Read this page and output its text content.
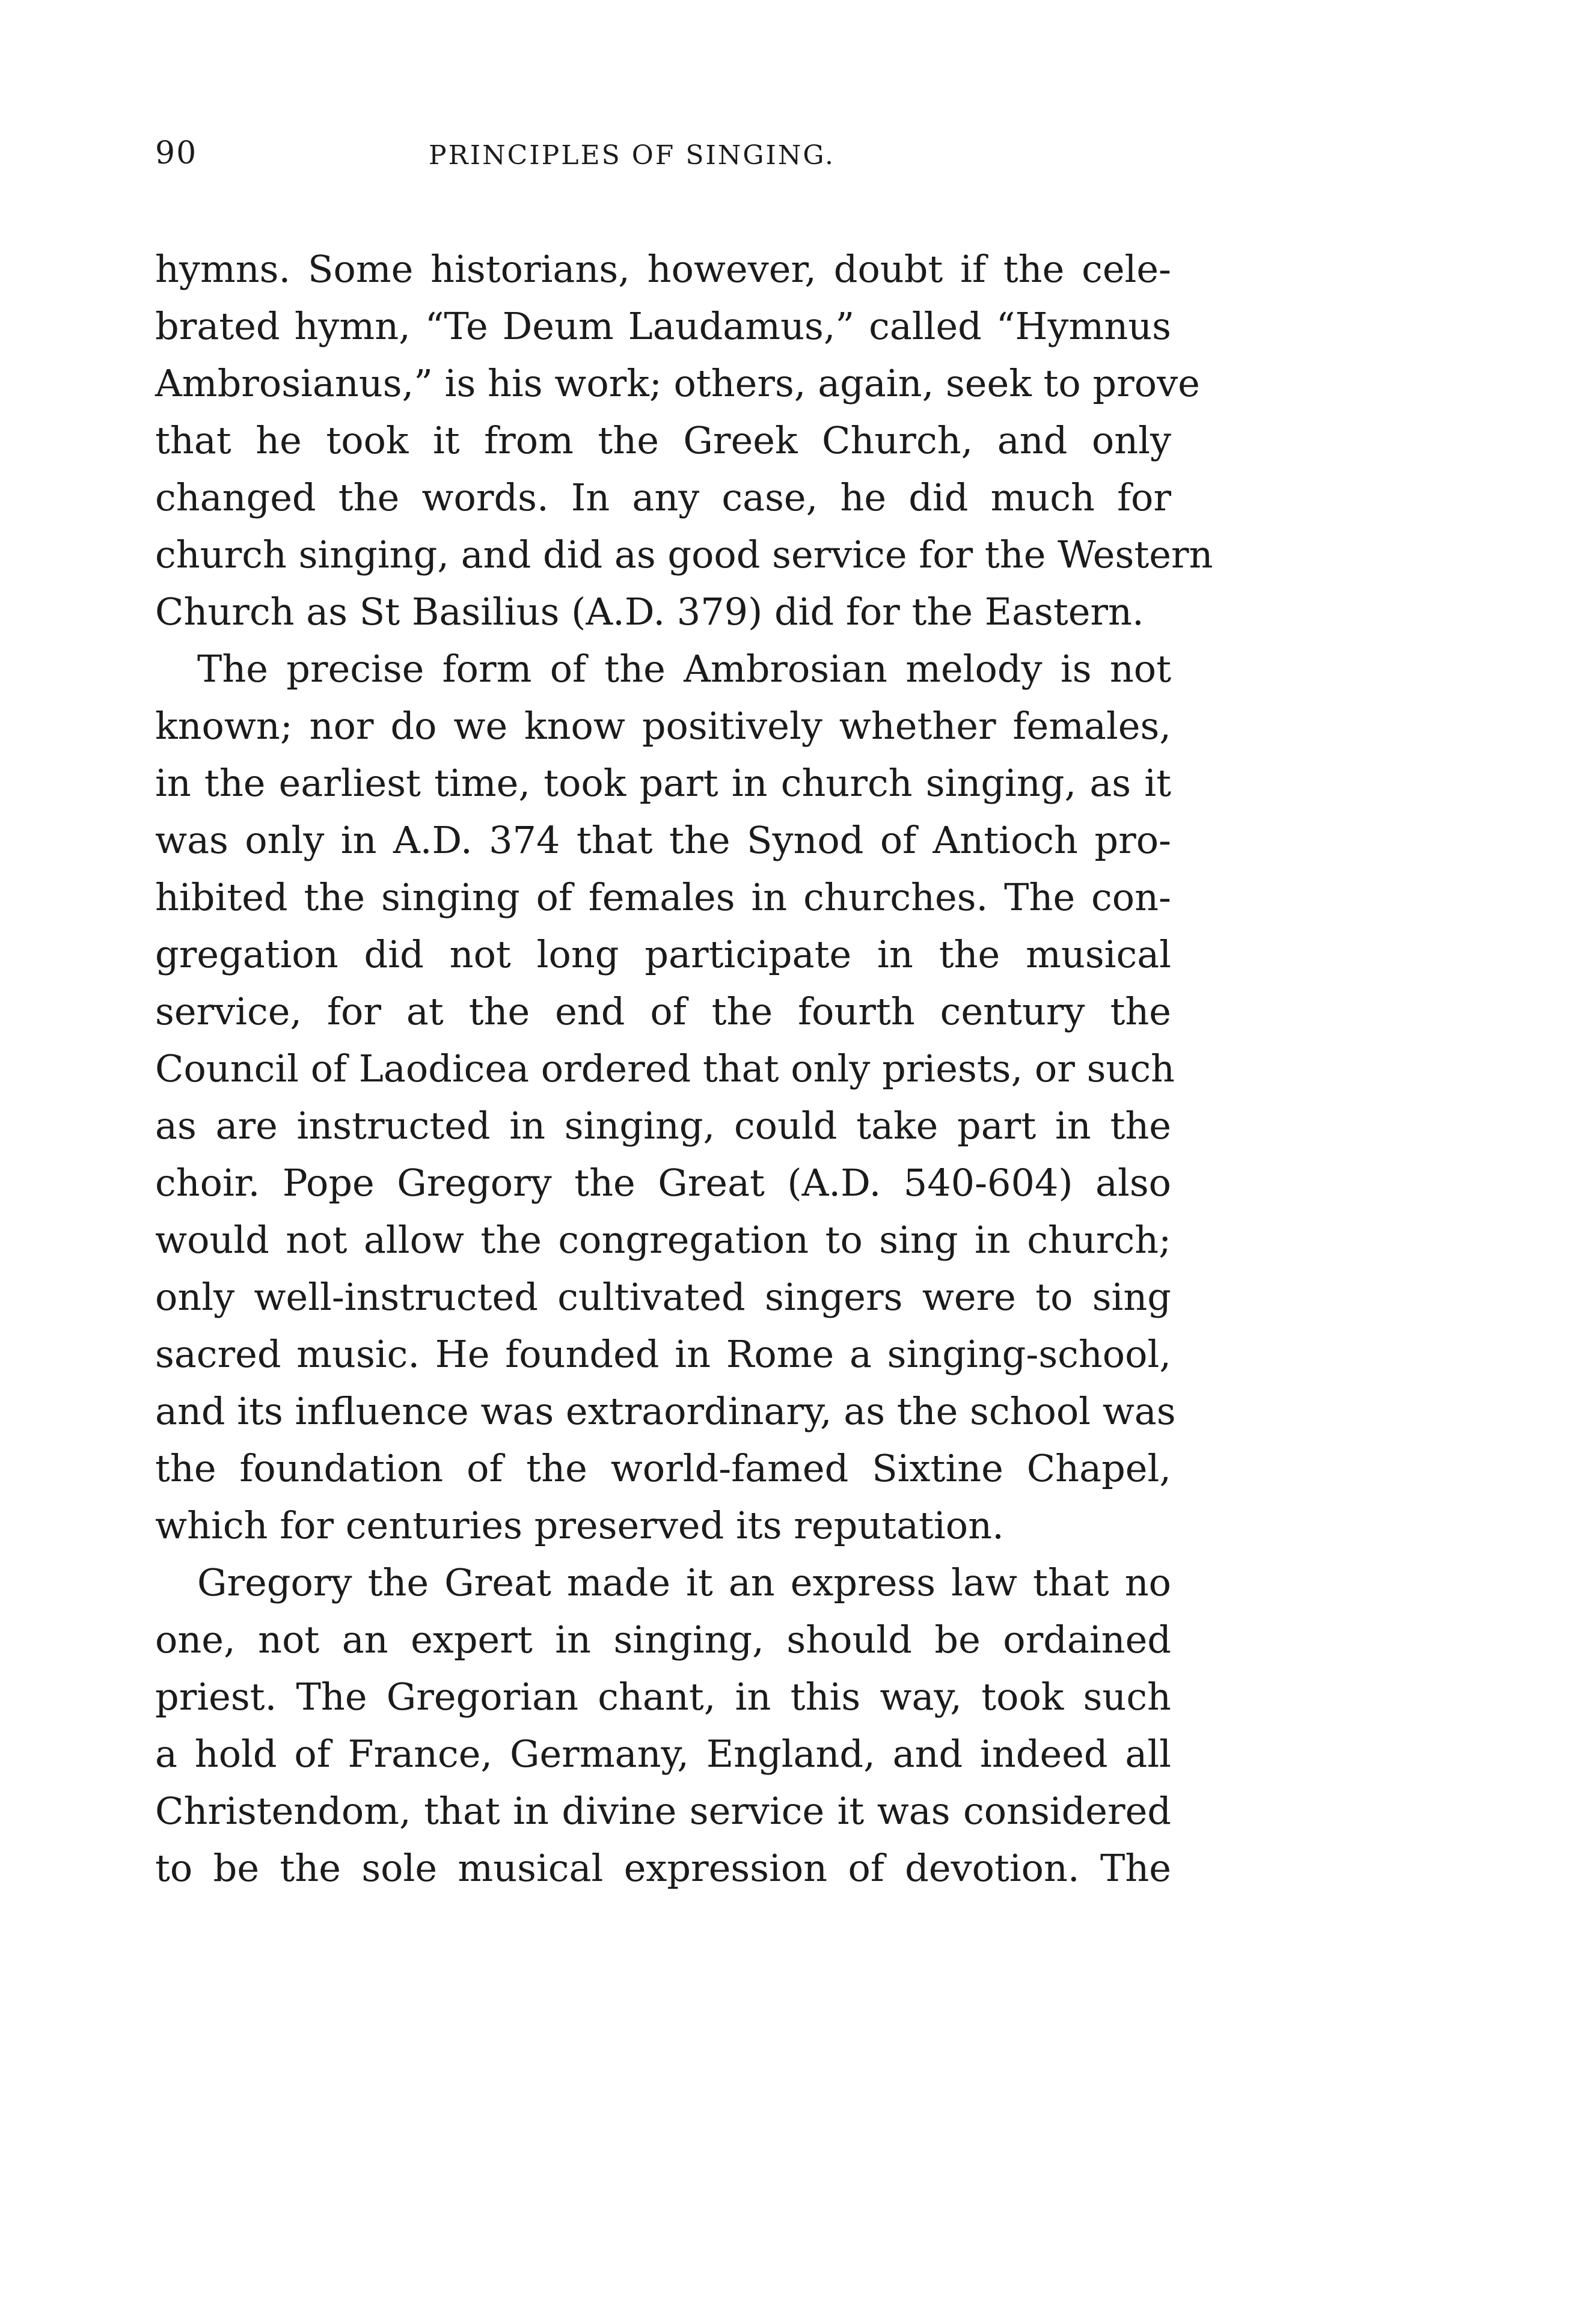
90	PRINCIPLES OF SINGING.
hymns. Some historians, however, doubt if the cele-
brated hymn, “Te Deum Laudamus,” called “Hymnus
Ambrosianus,” is his work; others, again, seek to prove
that he took it from the Greek Church, and only
changed the words. In any case, he did much for
church singing, and did as good service for the Western
Church as St Basilius (A.D. 379) did for the Eastern.
The precise form of the Ambrosian melody is not
known; nor do we know positively whether females,
in the earliest time, took part in church singing, as it
was only in A.D. 374 that the Synod of Antioch pro-
hibited the singing of females in churches. The con-
gregation did not long participate in the musical
service, for at the end of the fourth century the
Council of Laodicea ordered that only priests, or such
as are instructed in singing, could take part in the
choir. Pope Gregory the Great (A.D. 540-604) also
would not allow the congregation to sing in church;
only well-instructed cultivated singers were to sing
sacred music. He founded in Rome a singing-school,
and its influence was extraordinary, as the school was
the foundation of the world-famed Sixtine Chapel,
which for centuries preserved its reputation.
Gregory the Great made it an express law that no
one, not an expert in singing, should be ordained
priest. The Gregorian chant, in this way, took such
a hold of France, Germany, England, and indeed all
Christendom, that in divine service it was considered
to be the sole musical expression of devotion. The
